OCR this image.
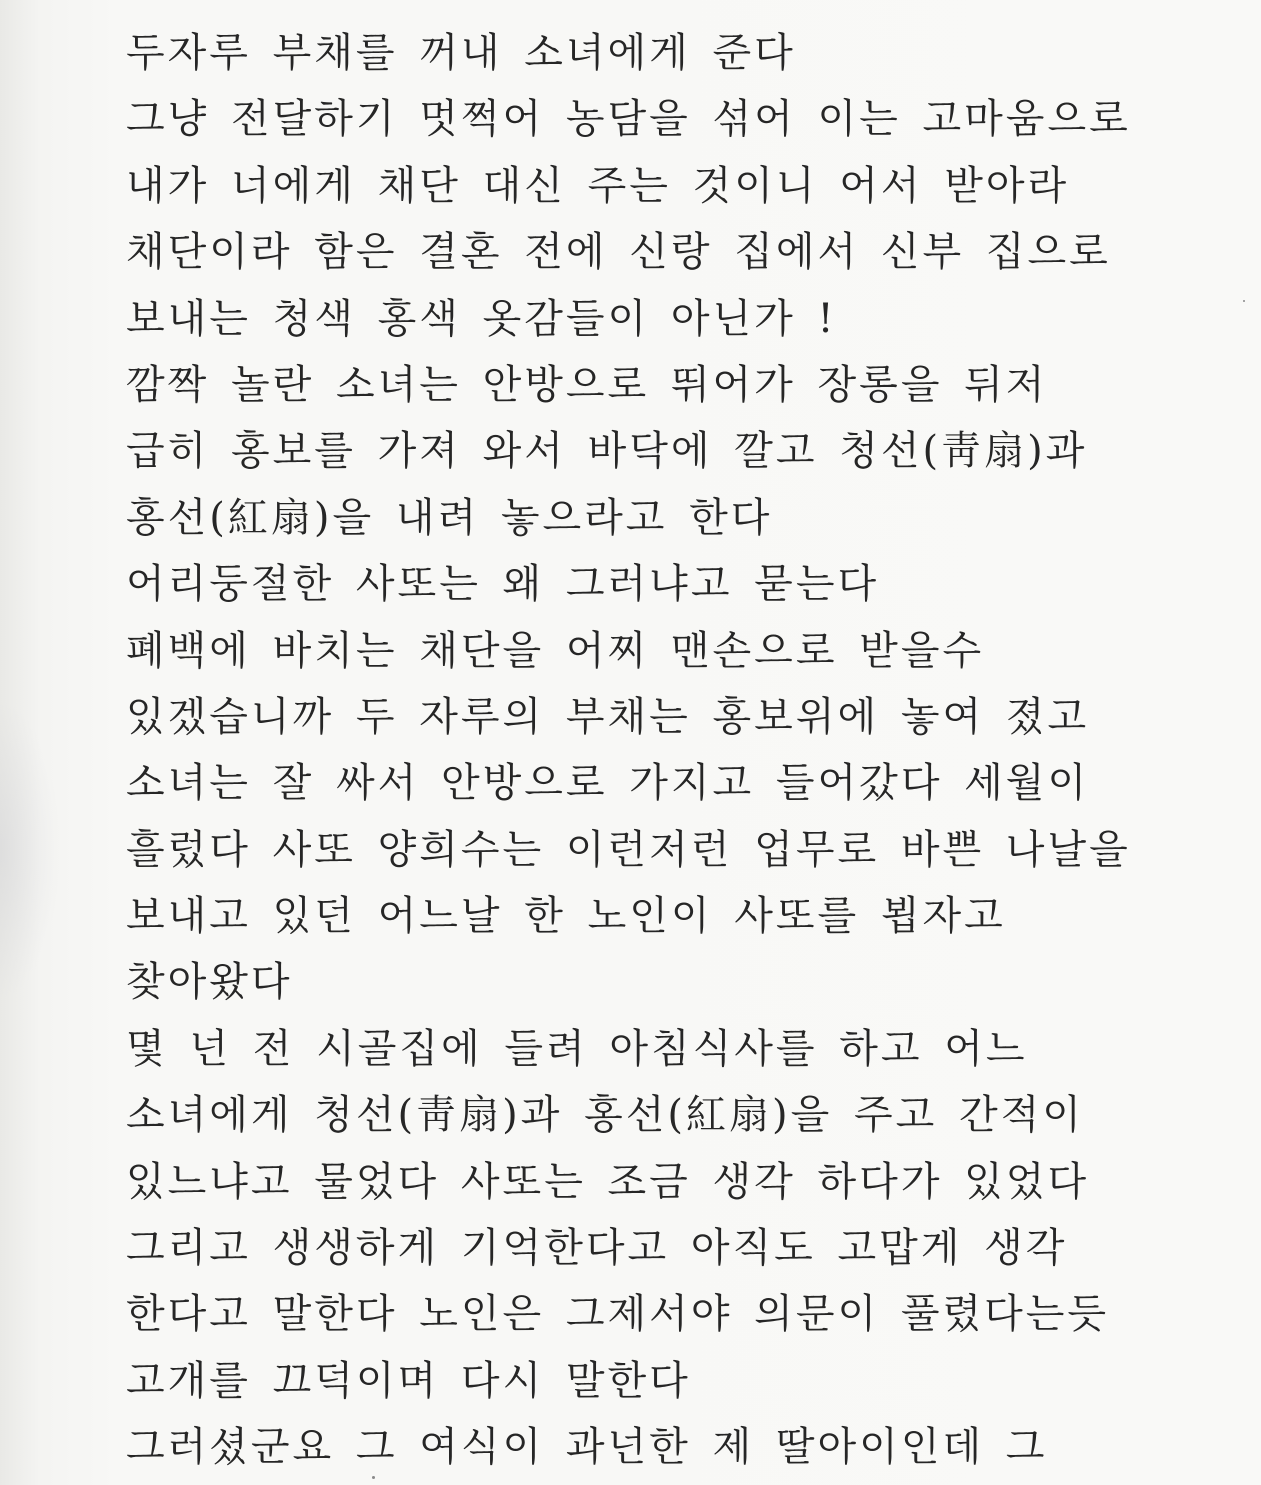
두자루 부채를 꺼내 소녀에게 준다
그냥 전달하기 멋쩍어 농담을 섞어 이는 고마움으로
내가 너에게 채단 대신 주는 것이니 어서 받아라
채단이라 함은 결혼 전에 신랑 집에서 신부 집으로
보내는 청색 홍색 옷감들이 아닌가 !
깜짝 놀란 소녀는 안방으로 뛰어가 장롱을 뒤저
급히 홍보를 가져 와서 바닥에 깔고 청선(靑扇)과
홍선(紅扇)을 내려 놓으라고 한다
어리둥절한 사또는 왜 그러냐고 묻는다
폐백에 바치는 채단을 어찌 맨손으로 받을수
있겠습니까 두 자루의 부채는 홍보위에 놓여 졌고
소녀는 잘 싸서 안방으로 가지고 들어갔다 세월이
흘렀다 사또 양희수는 이런저런 업무로 바쁜 나날을
보내고 있던 어느날 한 노인이 사또를 뵙자고
찾아왔다
몇 넌 전 시골집에 들려 아침식사를 하고 어느
소녀에게 청선(靑扇)과 홍선(紅扇)을 주고 간적이
있느냐고 물었다 사또는 조금 생각 하다가 있었다
그리고 생생하게 기억한다고 아직도 고맙게 생각
한다고 말한다 노인은 그제서야 의문이 풀렸다는듯
고개를 끄덕이며 다시 말한다
그러셨군요 그 여식이 과넌한 제 딸아이인데 그
